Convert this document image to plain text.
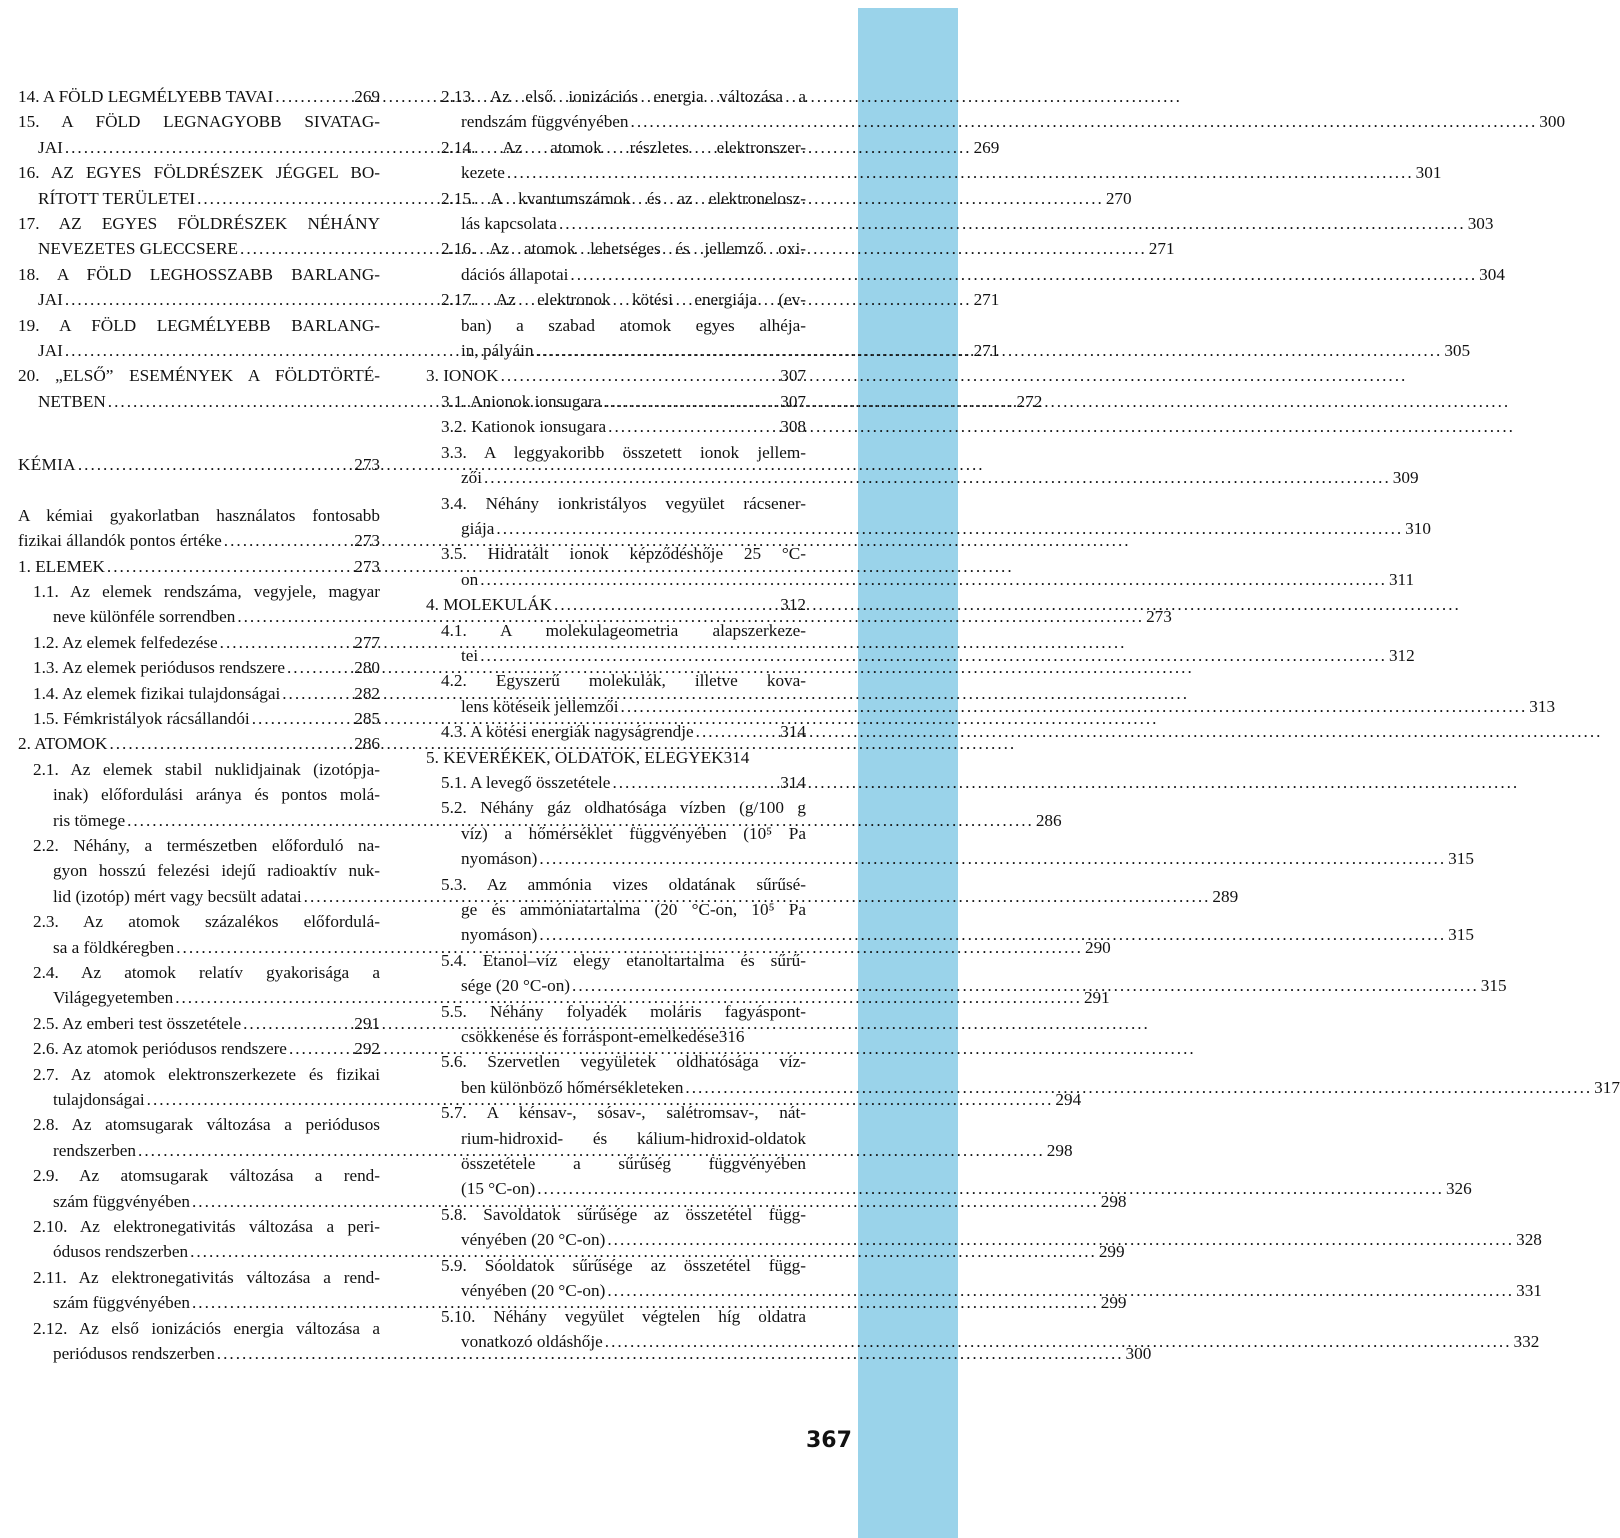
14. A FÖLD LEGMÉLYEBB TAVAI .....	269
15. A FÖLD LEGNAGYOBB SIVATAG-
JAI .....	269
16. AZ EGYES FÖLDRÉSZEK JÉGGEL BO-
RÍTOTT TERÜLETEI .....	270
17. AZ EGYES FÖLDRÉSZEK NÉHÁNY
NEVEZETES GLECCSERE .....	271
18. A FÖLD LEGHOSSZABB BARLANG-
JAI .....	271
19. A FÖLD LEGMÉLYEBB BARLANG-
JAI .....	271
20. „ELSŐ” ESEMÉNYEK A FÖLDTÖRTÉ-
NETBEN .....	272
KÉMIA .....	273
A kémiai gyakorlatban használatos fontosabb
fizikai állandók pontos értéke .....	273
1. ELEMEK .....	273
1.1. Az elemek rendszáma, vegyjele, magyar
neve különféle sorrendben .....	273
1.2. Az elemek felfedezése .....	277
1.3. Az elemek periódusos rendszere .....	280
1.4. Az elemek fizikai tulajdonságai .....	282
1.5. Fémkristályok rácsállandói .....	285
2. ATOMOK .....	286
2.1. Az elemek stabil nuklidjainak (izotópja-
inak) előfordulási aránya és pontos molá-
ris tömege .....	286
2.2. Néhány, a természetben előforduló na-
gyon hosszú felezési idejű radioaktív nuk-
lid (izotóp) mért vagy becsült adatai .....	289
2.3. Az atomok százalékos előfordulá-
sa a földkéregben .....	290
2.4. Az atomok relatív gyakorisága a
Világegyetemben .....	291
2.5. Az emberi test összetétele .....	291
2.6. Az atomok periódusos rendszere .....	292
2.7. Az atomok elektronszerkezete és fizikai
tulajdonságai .....	294
2.8. Az atomsugarak változása a periódusos
rendszerben .....	298
2.9. Az atomsugarak változása a rend-
szám függvényében .....	298
2.10. Az elektronegativitás változása a peri-
ódusos rendszerben .....	299
2.11. Az elektronegativitás változása a rend-
szám függvényében .....	299
2.12. Az első ionizációs energia változása a
periódusos rendszerben .....	300
2.13. Az első ionizációs energia változása a
rendszám függvényében .....	300
2.14. Az atomok részletes elektronszer-
kezete .....	301
2.15. A kvantumszámok és az elektronelosz-
lás kapcsolata .....	303
2.16. Az atomok lehetséges és jellemző oxi-
dációs állapotai .....	304
2.17. Az elektronok kötési energiája (ev-
ban) a szabad atomok egyes alhéja-
in, pályáin .....	305
3. IONOK .....	307
3.1. Anionok ionsugara .....	307
3.2. Kationok ionsugara .....	308
3.3. A leggyakoribb összetett ionok jellem-
zői .....	309
3.4. Néhány ionkristályos vegyület rácsener-
giája .....	310
3.5. Hidratált ionok képződéshője 25 °C-
on .....	311
4. MOLEKULÁK .....	312
4.1. A molekulageometria alapszerkeze-
tei .....	312
4.2. Egyszerű molekulák, illetve kova-
lens kötéseik jellemzői .....	313
4.3. A kötési energiák nagyságrendje .....	314
5. KEVERÉKEK, OLDATOK, ELEGYEK 314
5.1. A levegő összetétele .....	314
5.2. Néhány gáz oldhatósága vízben (g/100 g
víz) a hőmérséklet függvényében (10⁵ Pa
nyomáson) .....	315
5.3. Az ammónia vizes oldatának sűrűsé-
ge és ammóniatartalma (20 °C-on, 10⁵ Pa
nyomáson) .....	315
5.4. Etanol–víz elegy etanoltartalma és sűrű-
sége (20 °C-on) .....	315
5.5. Néhány folyadék moláris fagyáspont-
csökkenése és forráspont-emelkedése316
5.6. Szervetlen vegyületek oldhatósága víz-
ben különböző hőmérsékleteken .....	317
5.7. A kénsav-, sósav-, salétromsav-, nát-
rium-hidroxid- és kálium-hidroxid-oldatok
összetétele a sűrűség függvényében
(15 °C-on) .....	326
5.8. Savoldatok sűrűsége az összetétel függ-
vényében (20 °C-on) .....	328
5.9. Sóoldatok sűrűsége az összetétel függ-
vényében (20 °C-on) .....	331
5.10. Néhány vegyület végtelen híg oldatra
vonatkozó oldáshője .....	332
367
